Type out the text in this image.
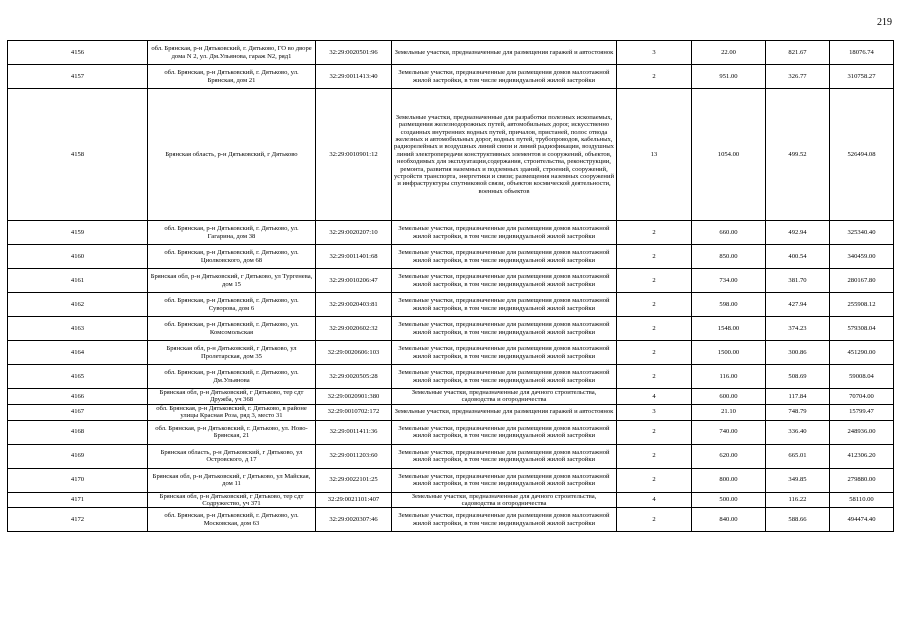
219
4156	обл. Брянская, р-н Дятьковский, г. Дятьково, ГО во дворе дома N 2, ул. Дм.Ульянова, гараж N2, ряд1	32:29:0020501:96	Земельные участки, предназначенные для размещения гаражей и автостоянок	3	22.00	821.67	18076.74
4157	обл. Брянская, р-н Дятьковский, г. Дятьково, ул. Брянская, дом 21	32:29:0011413:40	Земельные участки, предназначенные для размещения домов малоэтажной жилой застройки, в том числе индивидуальной жилой застройки	2	951.00	326.77	310758.27
4158	Брянская область, р-н Дятьковский, г Дятьково	32:29:0010901:12	Земельные участки, предназначенные для разработки полезных ископаемых, размещения железнодорожных путей, автомобильных дорог, искусственно созданных внутренних водных путей, причалов, пристаней, полос отвода железных и автомобильных дорог, водных путей, трубопроводов, кабельных, радиорелейных и воздушных линий связи и линий радиофикации, воздушных линий электропередачи конструктивных элементов и сооружений, объектов, необходимых для эксплуатации,содержания, строительства, реконструкции, ремонта, развития наземных и подземных зданий, строений, сооружений, устройств транспорта, энергетики и связи; размещения наземных сооружений и инфраструктуры спутниковой связи, объектов космической деятельности, военных объектов	13	1054.00	499.52	526494.08
4159	обл. Брянская, р-н Дятьковский, г. Дятьково, ул. Гагарина, дом 38	32:29:0020207:10	Земельные участки, предназначенные для размещения домов малоэтажной жилой застройки, в том числе индивидуальной жилой застройки	2	660.00	492.94	325340.40
4160	обл. Брянская, р-н Дятьковский, г. Дятьково, ул. Циолковского, дом 68	32:29:0011401:68	Земельные участки, предназначенные для размещения домов малоэтажной жилой застройки, в том числе индивидуальной жилой застройки	2	850.00	400.54	340459.00
4161	Брянская обл, р-н Дятьковский, г Дятьково, ул Тургенева, дом 15	32:29:0010206:47	Земельные участки, предназначенные для размещения домов малоэтажной жилой застройки, в том числе индивидуальной жилой застройки	2	734.00	381.70	280167.80
4162	обл. Брянская, р-н Дятьковский, г. Дятьково, ул. Суворова, дом 6	32:29:0020403:81	Земельные участки, предназначенные для размещения домов малоэтажной жилой застройки, в том числе индивидуальной жилой застройки	2	598.00	427.94	255908.12
4163	обл. Брянская, р-н Дятьковский, г. Дятьково, ул. Комсомольская	32:29:0020602:32	Земельные участки, предназначенные для размещения домов малоэтажной жилой застройки, в том числе индивидуальной жилой застройки	2	1548.00	374.23	579308.04
4164	Брянская обл, р-н Дятьковский, г Дятьково, ул Пролетарская, дом 35	32:29:0020606:103	Земельные участки, предназначенные для размещения домов малоэтажной жилой застройки, в том числе индивидуальной жилой застройки	2	1500.00	300.86	451290.00
4165	обл. Брянская, р-н Дятьковский, г. Дятьково, ул. Дм.Ульянова	32:29:0020505:28	Земельные участки, предназначенные для размещения домов малоэтажной жилой застройки, в том числе индивидуальной жилой застройки	2	116.00	508.69	59008.04
4166	Брянская обл, р-н Дятьковский, г Дятьково, тер сдт Дружба, уч 368	32:29:0020901:380	Земельные участки, предназначенные для дачного строительства, садоводства и огородничества	4	600.00	117.84	70704.00
4167	обл. Брянская, р-н Дятьковский, г. Дятьково, в районе улицы Красная Роза, ряд 3, место 31	32:29:0010702:172	Земельные участки, предназначенные для размещения гаражей и автостоянок	3	21.10	748.79	15799.47
4168	обл. Брянская, р-н Дятьковский, г. Дятьково, ул. Ново-Брянская, 21	32:29:0011411:36	Земельные участки, предназначенные для размещения домов малоэтажной жилой застройки, в том числе индивидуальной жилой застройки	2	740.00	336.40	248936.00
4169	Брянская область, р-н Дятьковский, г Дятьково, ул Островского, д 17	32:29:0011203:60	Земельные участки, предназначенные для размещения домов малоэтажной жилой застройки, в том числе индивидуальной жилой застройки	2	620.00	665.01	412306.20
4170	Брянская обл, р-н Дятьковский, г Дятьково, ул Майская, дом 11	32:29:0022101:25	Земельные участки, предназначенные для размещения домов малоэтажной жилой застройки, в том числе индивидуальной жилой застройки	2	800.00	349.85	279880.00
4171	Брянская обл, р-н Дятьковский, г Дятьково, тер сдт Содружество, уч 371	32:29:0021101:407	Земельные участки, предназначенные для дачного строительства, садоводства и огородничества	4	500.00	116.22	58110.00
4172	обл. Брянская, р-н Дятьковский, г. Дятьково, ул. Московская, дом 63	32:29:0020307:46	Земельные участки, предназначенные для размещения домов малоэтажной жилой застройки, в том числе индивидуальной жилой застройки	2	840.00	588.66	494474.40
